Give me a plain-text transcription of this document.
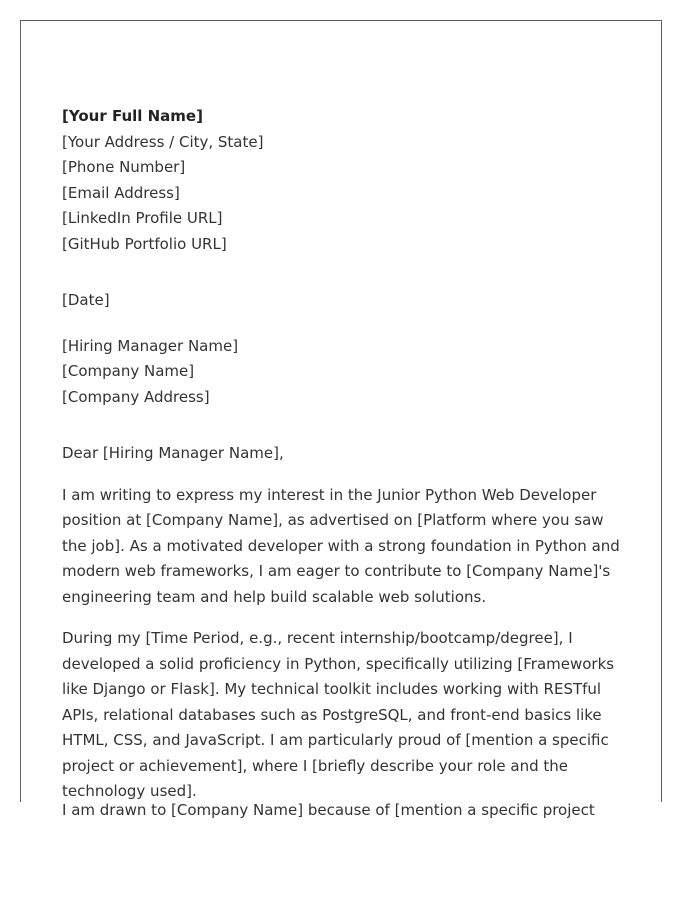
[Your Full Name]
[Your Address / City, State]
[Phone Number]
[Email Address]
[LinkedIn Profile URL]
[GitHub Portfolio URL]
[Date]
[Hiring Manager Name]
[Company Name]
[Company Address]
Dear [Hiring Manager Name],

I am writing to express my interest in the Junior Python Web Developer position at [Company Name], as advertised on [Platform where you saw the job]. As a motivated developer with a strong foundation in Python and modern web frameworks, I am eager to contribute to [Company Name]'s engineering team and help build scalable web solutions.

During my [Time Period, e.g., recent internship/bootcamp/degree], I developed a solid proficiency in Python, specifically utilizing [Frameworks like Django or Flask]. My technical toolkit includes working with RESTful APIs, relational databases such as PostgreSQL, and front-end basics like HTML, CSS, and JavaScript. I am particularly proud of [mention a specific project or achievement], where I [briefly describe your role and the technology used].

I am drawn to [Company Name] because of [mention a specific project
